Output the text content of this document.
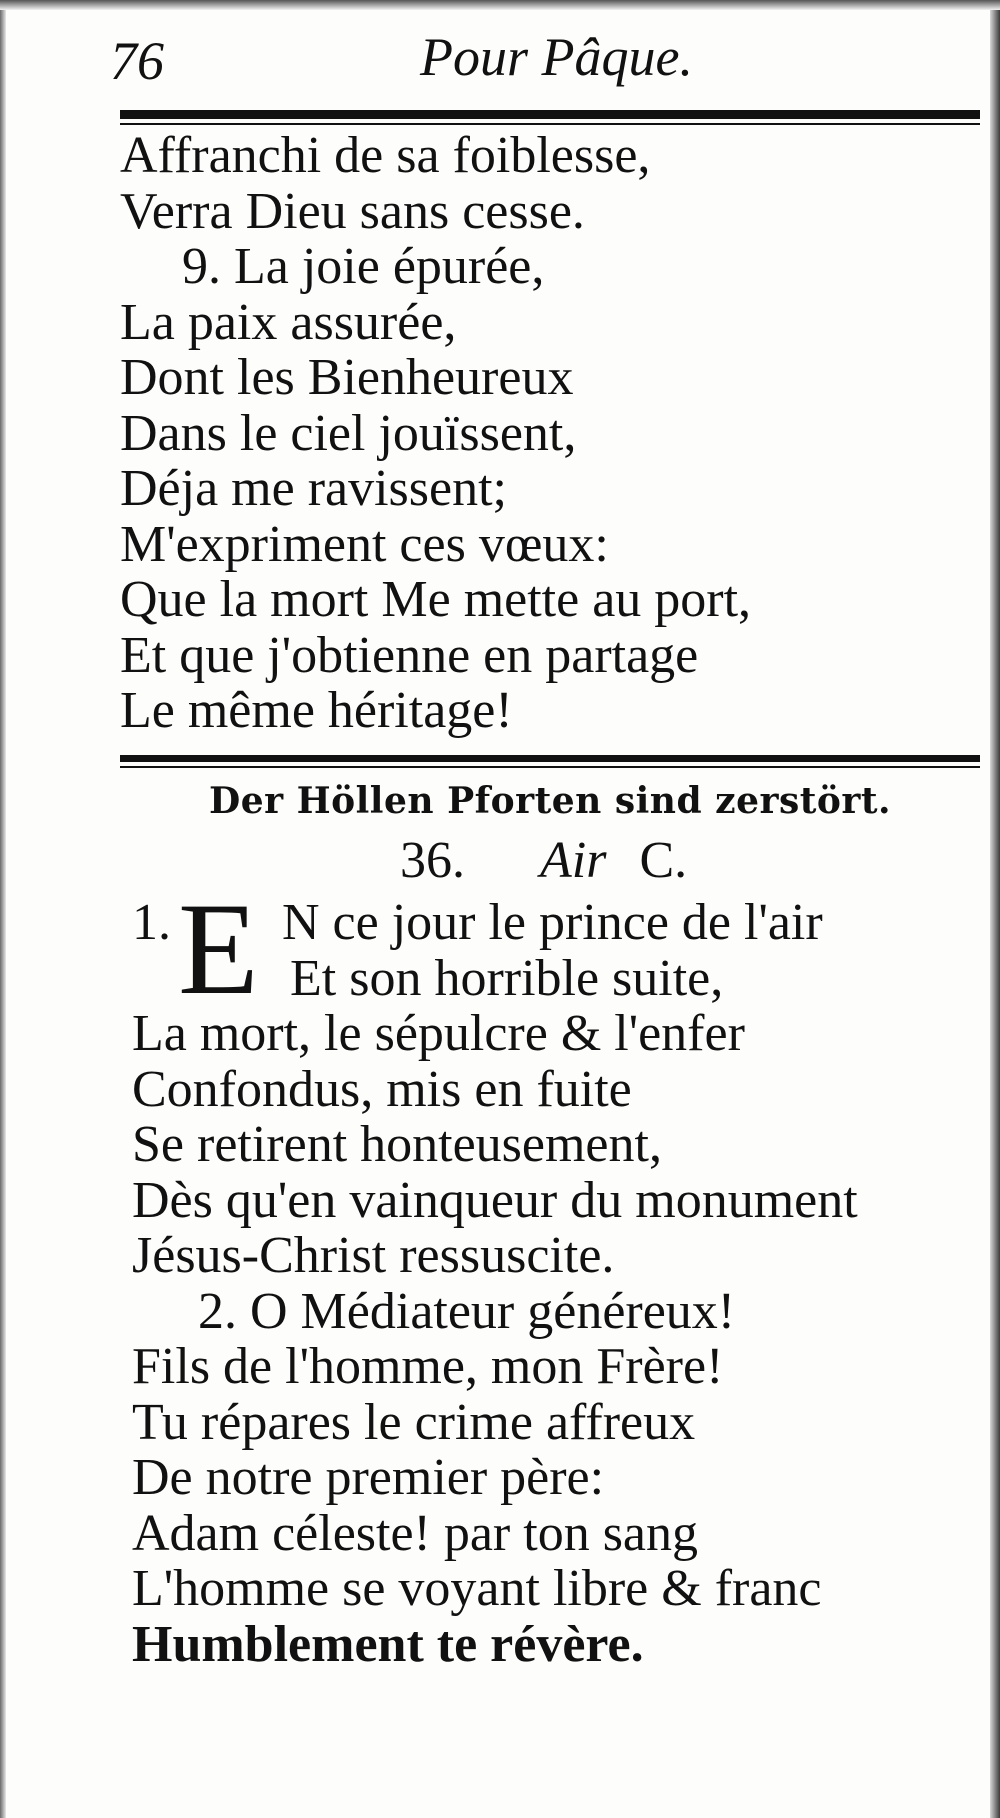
76	Pour Pâque.
Affranchi de sa foiblesse,
Verra Dieu sans cesse.
9. La joie épurée,
La paix assurée,
Dont les Bienheureux
Dans le ciel jouïssent,
Déja me ravissent;
M'expriment ces vœux:
Que la mort Me mette au port,
Et que j'obtienne en partage
Le même héritage!
Der Höllen Pforten sind zerstört.
36. Air C.
1. E N ce jour le prince de l'air
Et son horrible suite,
La mort, le sépulcre & l'enfer
Confondus, mis en fuite
Se retirent honteusement,
Dès qu'en vainqueur du monument
Jésus-Christ ressuscite.
2. O Médiateur généreux!
Fils de l'homme, mon Frère!
Tu répares le crime affreux
De notre premier père:
Adam céleste! par ton sang
L'homme se voyant libre & franc
Humblement te révère.
